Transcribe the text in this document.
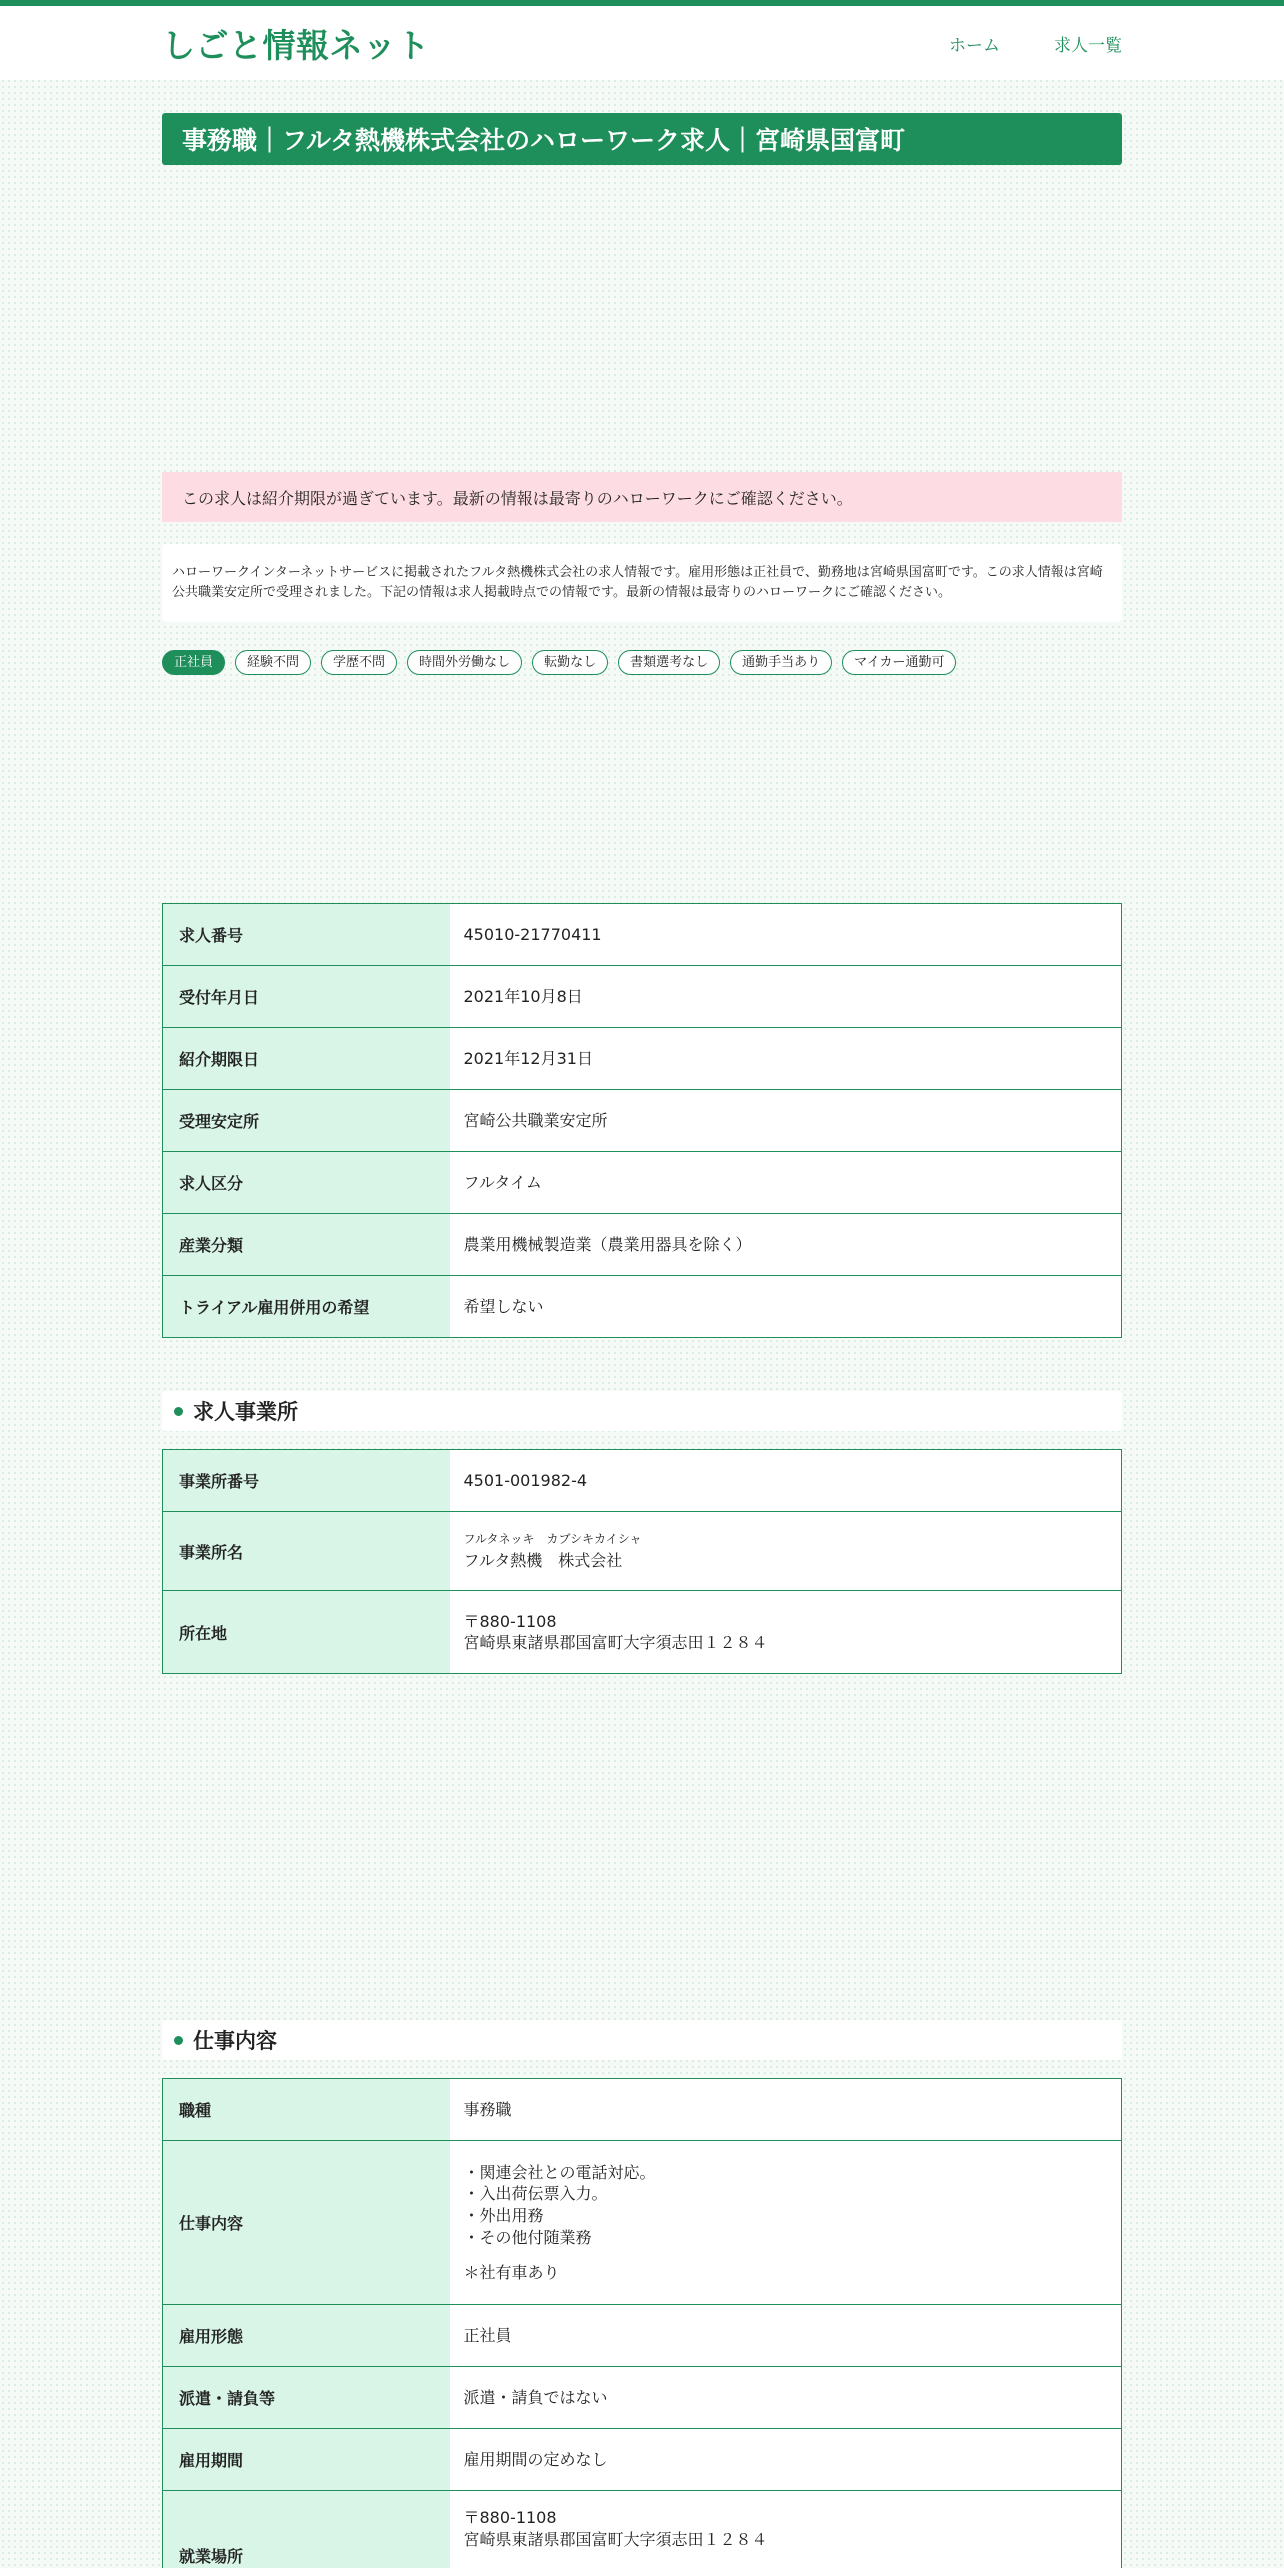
しごと情報ネット	ホーム	求人一覧
事務職｜フルタ熱機株式会社のハローワーク求人｜宮崎県国富町
この求人は紹介期限が過ぎています。最新の情報は最寄りのハローワークにご確認ください。

ハローワークインターネットサービスに掲載されたフルタ熱機株式会社の求人情報です。雇用形態は正社員で、勤務地は宮崎県国富町です。この求人情報は宮崎公共職業安定所で受理されました。下記の情報は求人掲載時点での情報です。最新の情報は最寄りのハローワークにご確認ください。

正社員	経験不問	学歴不問	時間外労働なし	転勤なし	書類選考なし	通勤手当あり	マイカー通勤可
求人番号	45010-21770411
受付年月日	2021年10月8日
紹介期限日	2021年12月31日
受理安定所	宮崎公共職業安定所
求人区分	フルタイム
産業分類	農業用機械製造業（農業用器具を除く）
トライアル雇用併用の希望	希望しない
求人事業所
事業所番号	4501-001982-4
事業所名	フルタネッキ　カブシキカイシャ
フルタ熱機　株式会社
所在地	〒880-1108
宮崎県東諸県郡国富町大字須志田１２８４
仕事内容
職種	事務職
仕事内容	・関連会社との電話対応。
・入出荷伝票入力。
・外出用務
・その他付随業務
＊社有車あり

雇用形態	正社員
派遣・請負等	派遣・請負ではない
雇用期間	雇用期間の定めなし
就業場所	〒880-1108
宮崎県東諸県郡国富町大字須志田１２８４
